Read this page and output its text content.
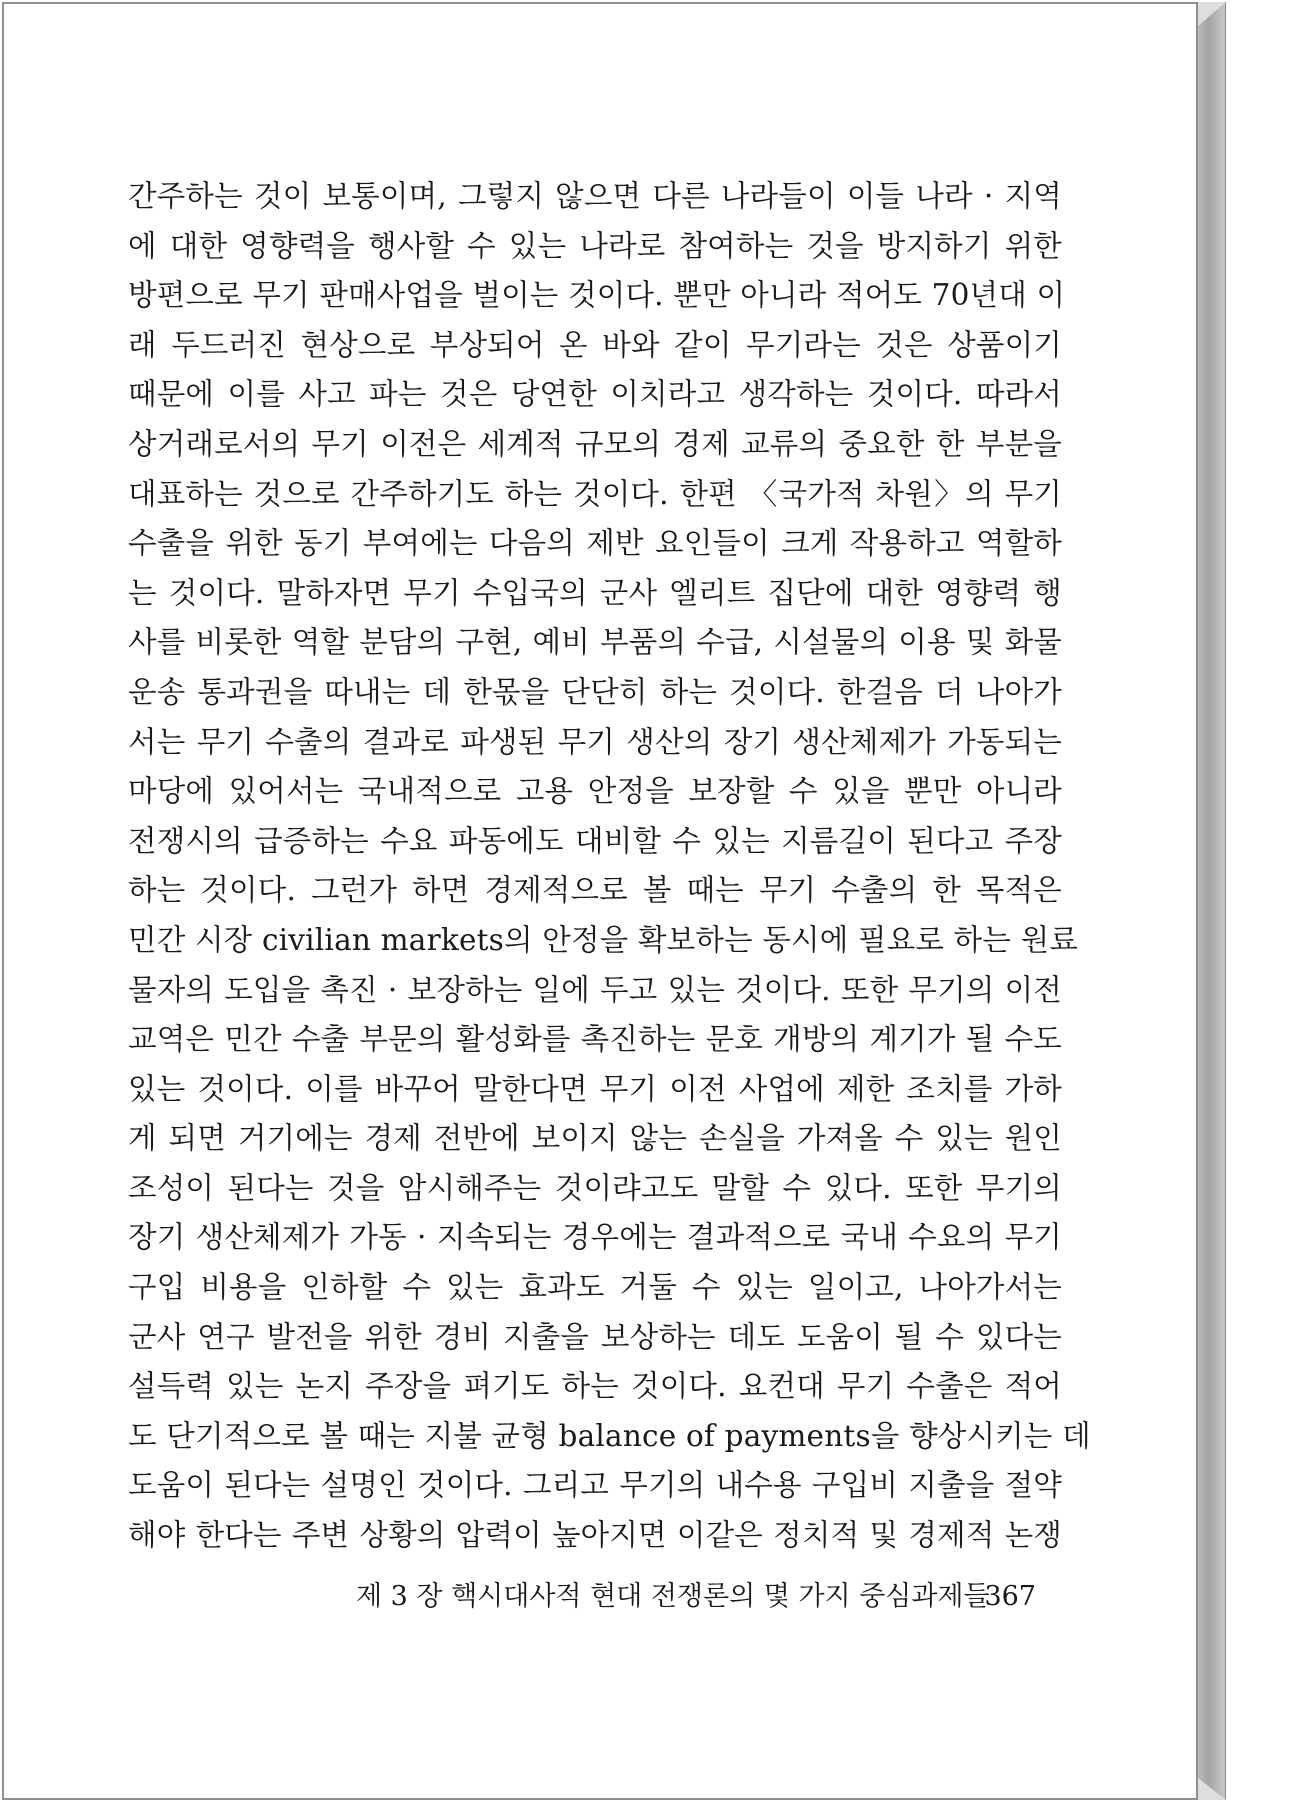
간주하는 것이 보통이며, 그렇지 않으면 다른 나라들이 이들 나라 · 지역
에 대한 영향력을 행사할 수 있는 나라로 참여하는 것을 방지하기 위한
방편으로 무기 판매사업을 벌이는 것이다. 뿐만 아니라 적어도 70년대 이
래 두드러진 현상으로 부상되어 온 바와 같이 무기라는 것은 상품이기
때문에 이를 사고 파는 것은 당연한 이치라고 생각하는 것이다. 따라서
상거래로서의 무기 이전은 세계적 규모의 경제 교류의 중요한 한 부분을
대표하는 것으로 간주하기도 하는 것이다. 한편 〈국가적 차원〉의 무기
수출을 위한 동기 부여에는 다음의 제반 요인들이 크게 작용하고 역할하
는 것이다. 말하자면 무기 수입국의 군사 엘리트 집단에 대한 영향력 행
사를 비롯한 역할 분담의 구현, 예비 부품의 수급, 시설물의 이용 및 화물
운송 통과권을 따내는 데 한몫을 단단히 하는 것이다. 한걸음 더 나아가
서는 무기 수출의 결과로 파생된 무기 생산의 장기 생산체제가 가동되는
마당에 있어서는 국내적으로 고용 안정을 보장할 수 있을 뿐만 아니라
전쟁시의 급증하는 수요 파동에도 대비할 수 있는 지름길이 된다고 주장
하는 것이다. 그런가 하면 경제적으로 볼 때는 무기 수출의 한 목적은
민간 시장 civilian markets의 안정을 확보하는 동시에 필요로 하는 원료
물자의 도입을 촉진 · 보장하는 일에 두고 있는 것이다. 또한 무기의 이전
교역은 민간 수출 부문의 활성화를 촉진하는 문호 개방의 계기가 될 수도
있는 것이다. 이를 바꾸어 말한다면 무기 이전 사업에 제한 조치를 가하
게 되면 거기에는 경제 전반에 보이지 않는 손실을 가져올 수 있는 원인
조성이 된다는 것을 암시해주는 것이랴고도 말할 수 있다. 또한 무기의
장기 생산체제가 가동 · 지속되는 경우에는 결과적으로 국내 수요의 무기
구입 비용을 인하할 수 있는 효과도 거둘 수 있는 일이고, 나아가서는
군사 연구 발전을 위한 경비 지출을 보상하는 데도 도움이 될 수 있다는
설득력 있는 논지 주장을 펴기도 하는 것이다. 요컨대 무기 수출은 적어
도 단기적으로 볼 때는 지불 균형 balance of payments을 향상시키는 데
도움이 된다는 설명인 것이다. 그리고 무기의 내수용 구입비 지출을 절약
해야 한다는 주변 상황의 압력이 높아지면 이같은 정치적 및 경제적 논쟁
제 3 장 핵시대사적 현대 전쟁론의 몇 가지 중심과제들
367
